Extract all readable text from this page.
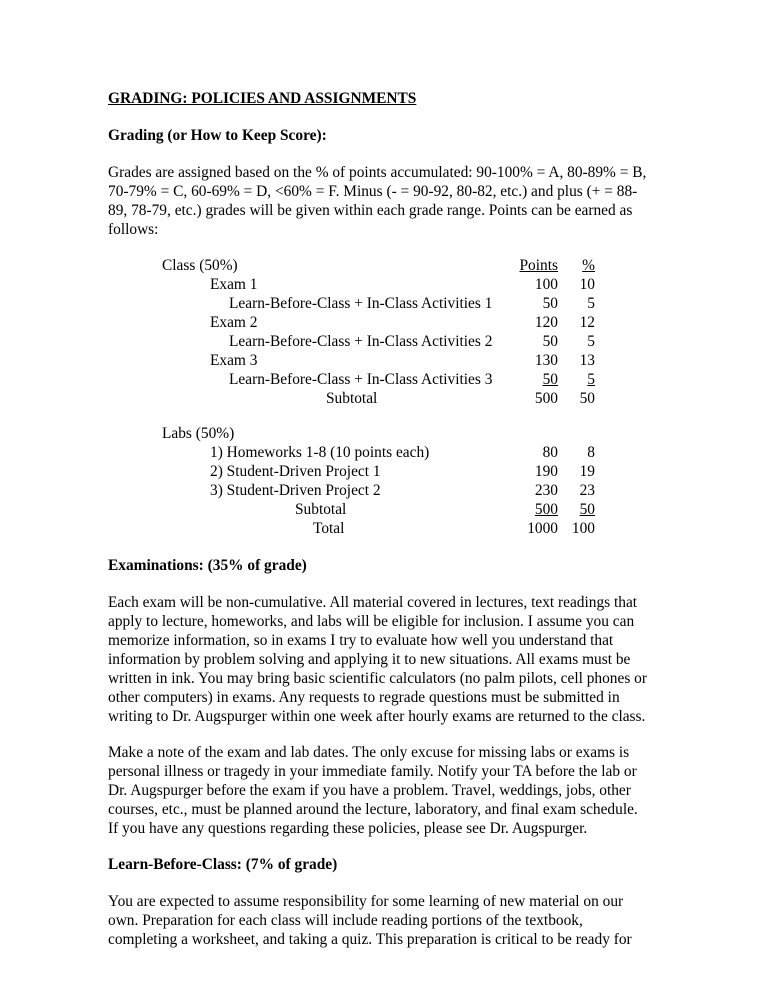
GRADING: POLICIES AND ASSIGNMENTS
Grading (or How to Keep Score):
Grades are assigned based on the % of points accumulated: 90-100% = A, 80-89% = B,
70-79% = C, 60-69% = D, <60% = F. Minus (- = 90-92, 80-82, etc.) and plus (+ = 88-
89, 78-79, etc.) grades will be given within each grade range. Points can be earned as
follows:
Points	%
Class (50%)
Exam 1	100	10
Learn-Before-Class + In-Class Activities 1	50	5
Exam 2	120	12
Learn-Before-Class + In-Class Activities 2	50	5
Exam 3	130	13
Learn-Before-Class + In-Class Activities 3	50	5
Subtotal	500	50
Labs (50%)
1) Homeworks 1-8 (10 points each)	80	8
2) Student-Driven Project 1	190	19
3) Student-Driven Project 2	230	23
Subtotal	500	50
Total	1000 100
Examinations: (35% of grade)
Each exam will be non-cumulative. All material covered in lectures, text readings that
apply to lecture, homeworks, and labs will be eligible for inclusion. I assume you can
memorize information, so in exams I try to evaluate how well you understand that
information by problem solving and applying it to new situations. All exams must be
written in ink. You may bring basic scientific calculators (no palm pilots, cell phones or
other computers) in exams. Any requests to regrade questions must be submitted in
writing to Dr. Augspurger within one week after hourly exams are returned to the class.
Make a note of the exam and lab dates. The only excuse for missing labs or exams is
personal illness or tragedy in your immediate family. Notify your TA before the lab or
Dr. Augspurger before the exam if you have a problem. Travel, weddings, jobs, other
courses, etc., must be planned around the lecture, laboratory, and final exam schedule.
If you have any questions regarding these policies, please see Dr. Augspurger.
Learn-Before-Class: (7% of grade)
You are expected to assume responsibility for some learning of new material on our
own. Preparation for each class will include reading portions of the textbook,
completing a worksheet, and taking a quiz. This preparation is critical to be ready for
